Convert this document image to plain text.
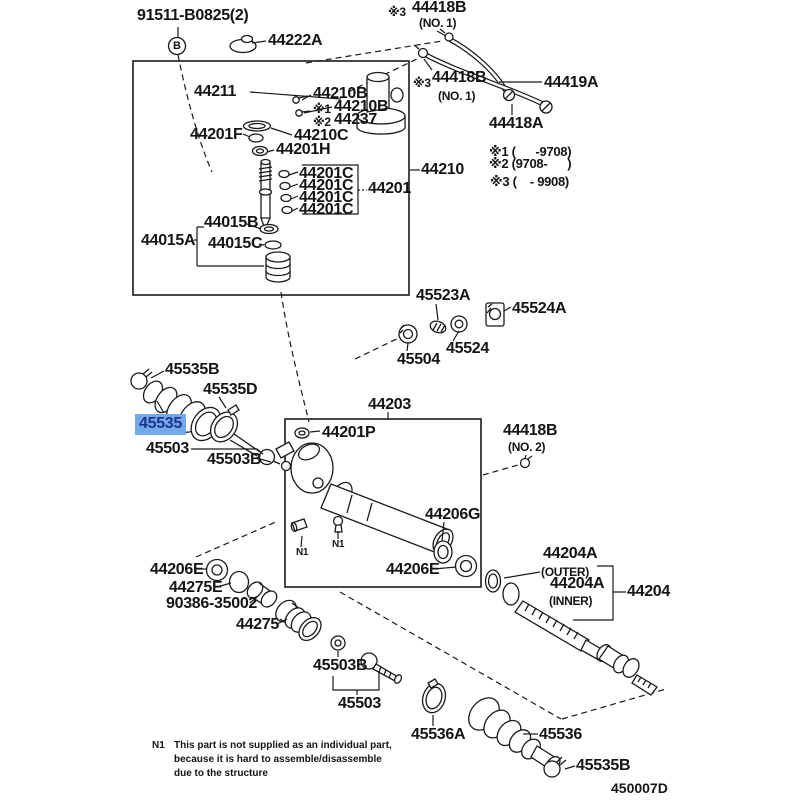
91511-B0825(2)
44222A
44211	44210B
※1 44210B
※2 44237
44201F	44210C
44201H
44201C
44201C
44201C
44201C
44201
44015B
44015A 44015C
44210
※3 44418B
(NO. 1)
※3 44418B
(NO. 1)
44419A
44418A
※1 (      -9708)
※2 (9708-      )
※3 (    - 9908)
45523A
45524A
45504
45524
45535B
45535D
45535
45503
45503B
44203
44201P
44206G
44206E
N1
N1
44418B
(NO. 2)
44204A
(OUTER)
44204A
(INNER)
44204
44206E
44275E
90386-35002
44275
45503B
45503
45536A	45536
45535B
B
N1 This part is not supplied as an individual part,
because it is hard to assemble/disassemble
due to the structure
450007D
